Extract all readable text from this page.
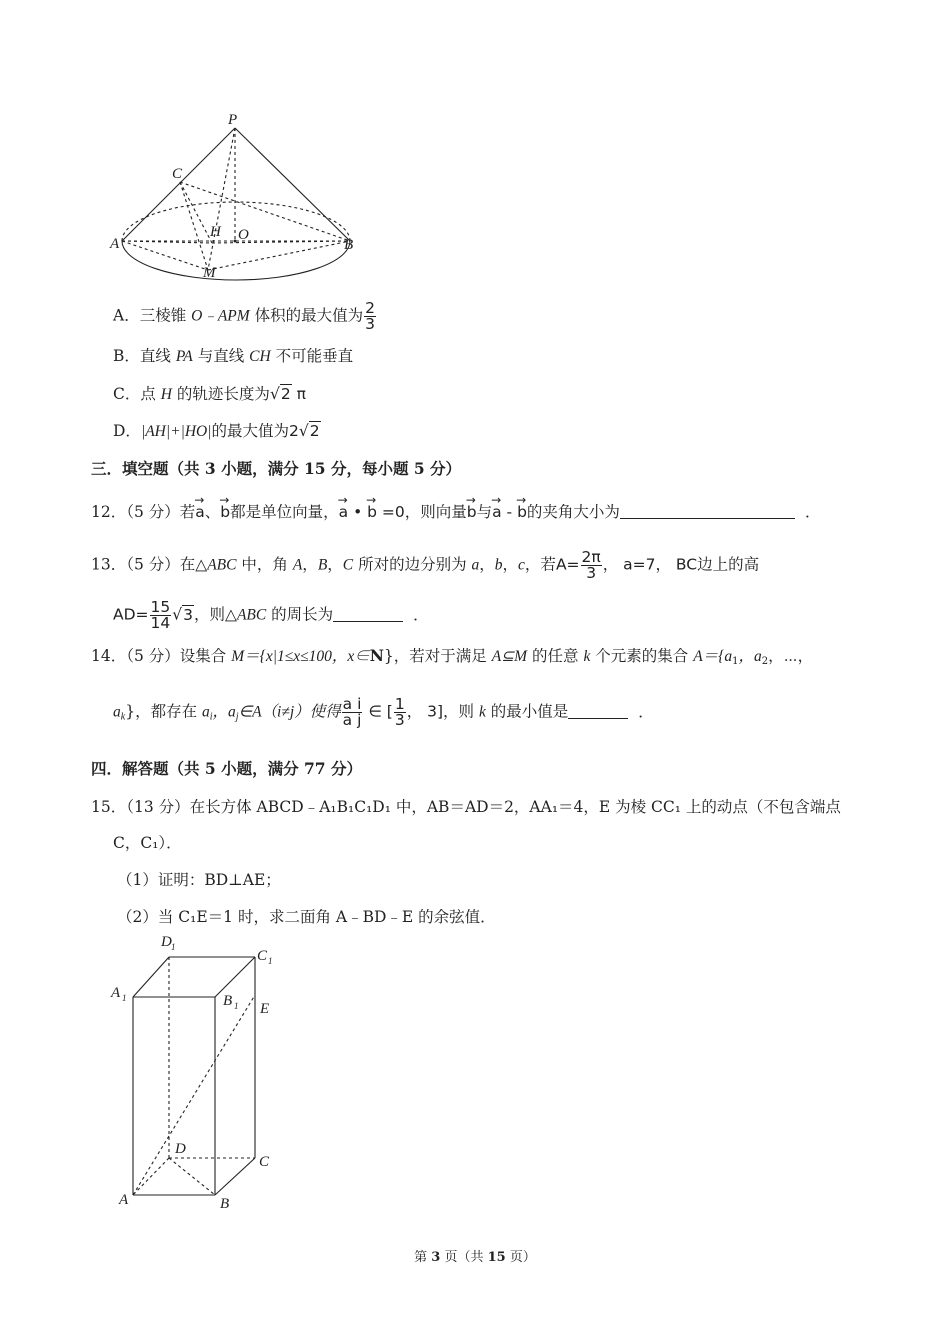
P
C
A
H O
B
M
A．三棱锥 O﹣APM 体积的最大值为 $\frac{2}{3}$
B．直线 PA 与直线 CH 不可能垂直
C．点 H 的轨迹长度为√2 π
D．|AH|+|HO|的最大值为2√2
三．填空题（共 3 小题，满分 15 分，每小题 5 分）
12．（5 分）若→ a、→ b都是单位向量，→ a • → b =0，则向量→ b与→ a - → b的夹角大小为	．
13．（5 分）在△ABC 中，角 A，B，C 所对的边分别为 a，b，c，若$A= \frac{2\pi}{3}$ ， a=7， BC边上的高
$AD= \frac{15}{14} √3$，则△ABC 的周长为	．
14．（5 分）设集合 M＝{x|1≤x≤100，x∈N}，若对于满足 A⊆M 的任意 k 个元素的集合 $A=\{a_1$，$a_2$，⋯，
$a_k$}，都存在 $a_i$，$a_j\in A(i\ne j)$使得 $\frac{\text{a i}}{\text{a j}}$ ∈ [ $\frac{1}{3}$ ， 3]，则 k 的最小值是	．
四．解答题（共 5 小题，满分 77 分）
15．（13 分）在长方体 ABCD﹣A₁B₁C₁D₁ 中，AB＝AD＝2，AA₁＝4，E 为棱 CC₁ 上的动点（不包含端点
C，C₁）．
（1）证明：BD⊥AE；
（2）当 C₁E＝1 时，求二面角 A﹣BD﹣E 的余弦值．
D 1
C 1
A 1	B 1 E
D
C
A	B
第 3 页（共 15 页）
